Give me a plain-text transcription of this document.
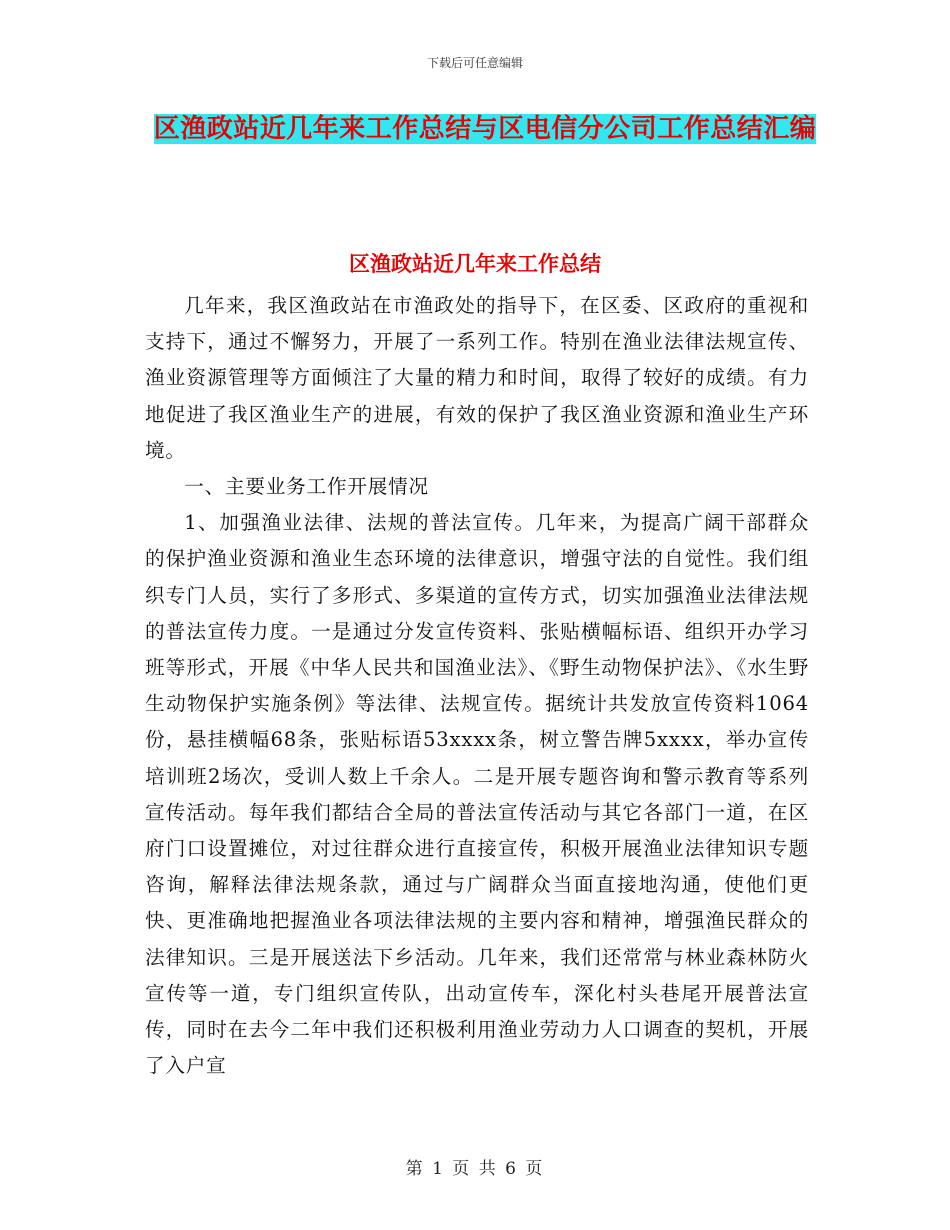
下载后可任意编辑
区渔政站近几年来工作总结与区电信分公司工作总结汇编
区渔政站近几年来工作总结

几年来，我区渔政站在市渔政处的指导下，在区委、区政府的重视和支持下，通过不懈努力，开展了一系列工作。特别在渔业法律法规宣传、渔业资源管理等方面倾注了大量的精力和时间，取得了较好的成绩。有力地促进了我区渔业生产的进展，有效的保护了我区渔业资源和渔业生产环境。

一、主要业务工作开展情况

1、加强渔业法律、法规的普法宣传。几年来，为提高广阔干部群众的保护渔业资源和渔业生态环境的法律意识，增强守法的自觉性。我们组织专门人员，实行了多形式、多渠道的宣传方式，切实加强渔业法律法规的普法宣传力度。一是通过分发宣传资料、张贴横幅标语、组织开办学习班等形式，开展《中华人民共和国渔业法》、《野生动物保护法》、《水生野生动物保护实施条例》等法律、法规宣传。据统计共发放宣传资料1064份，悬挂横幅68条，张贴标语53xxxx条，树立警告牌5xxxx，举办宣传培训班2场次，受训人数上千余人。二是开展专题咨询和警示教育等系列宣传活动。每年我们都结合全局的普法宣传活动与其它各部门一道，在区府门口设置摊位，对过往群众进行直接宣传，积极开展渔业法律知识专题咨询，解释法律法规条款，通过与广阔群众当面直接地沟通，使他们更快、更准确地把握渔业各项法律法规的主要内容和精神，增强渔民群众的法律知识。三是开展送法下乡活动。几年来，我们还常常与林业森林防火宣传等一道，专门组织宣传队，出动宣传车，深化村头巷尾开展普法宣传，同时在去今二年中我们还积极利用渔业劳动力人口调查的契机，开展了入户宣

第 1 页 共 6 页
